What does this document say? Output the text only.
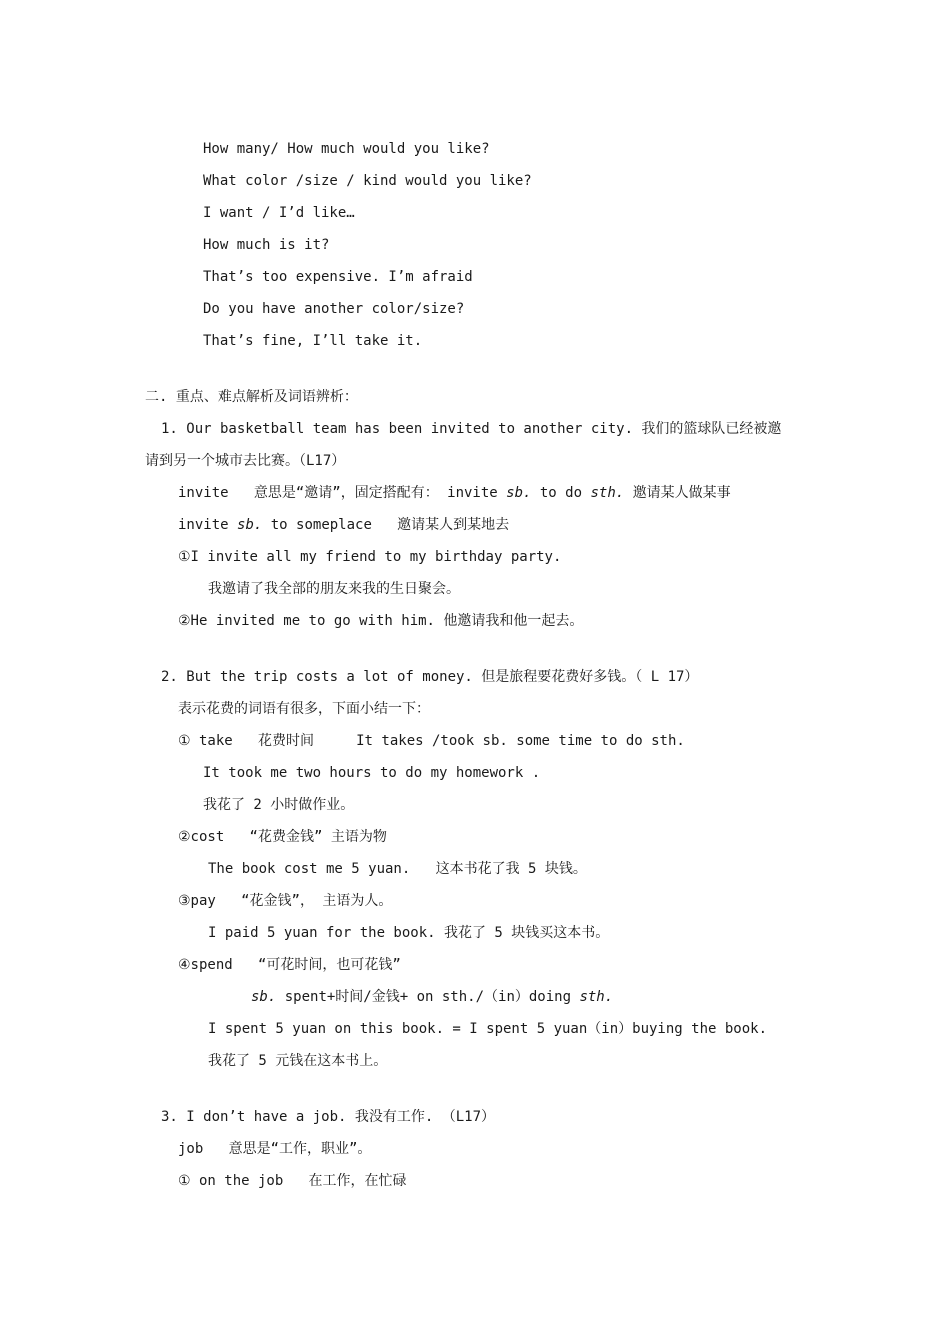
How many/ How much would you like?
What color /size / kind would you like?
I want / I’d like…
How much is it?
That’s too expensive. I’m afraid
Do you have another color/size?
That’s fine, I’ll take it.
二. 重点、难点解析及词语辨析：
1. Our basketball team has been invited to another city. 我们的篮球队已经被邀
请到另一个城市去比赛。（L17）
invite   意思是“邀请”，固定搭配有： invite sb. to do sth. 邀请某人做某事
invite sb. to someplace   邀请某人到某地去
①I invite all my friend to my birthday party.
我邀请了我全部的朋友来我的生日聚会。
②He invited me to go with him. 他邀请我和他一起去。
2. But the trip costs a lot of money. 但是旅程要花费好多钱。（ L 17）
表示花费的词语有很多，下面小结一下：
① take   花费时间     It takes /took sb. some time to do sth.
It took me two hours to do my homework .
我花了 2 小时做作业。
②cost   “花费金钱” 主语为物
The book cost me 5 yuan.   这本书花了我 5 块钱。
③pay   “花金钱”， 主语为人。
I paid 5 yuan for the book. 我花了 5 块钱买这本书。
④spend   “可花时间，也可花钱”
sb. spent+时间/金钱+ on sth./（in）doing sth.
I spent 5 yuan on this book. = I spent 5 yuan（in）buying the book.
我花了 5 元钱在这本书上。
3. I don’t have a job. 我没有工作. （L17）
job   意思是“工作，职业”。
① on the job   在工作，在忙碌
